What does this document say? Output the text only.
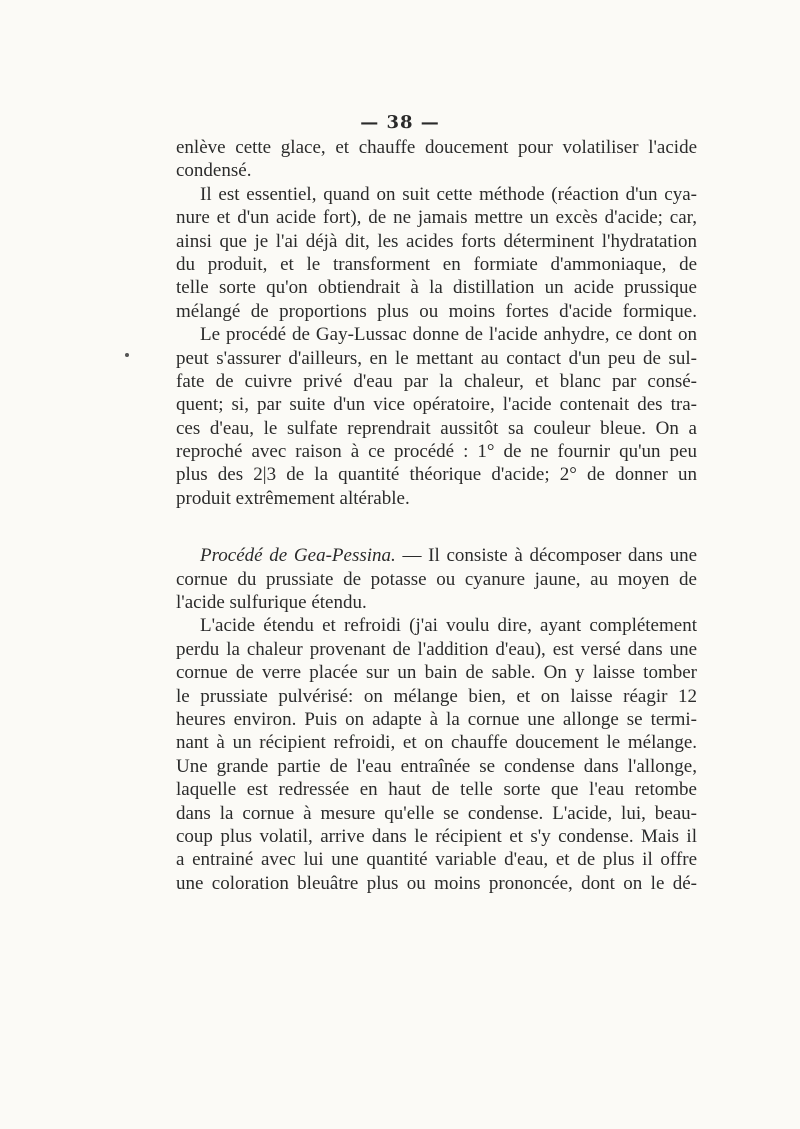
— 38 —
enlève cette glace, et chauffe doucement pour volatiliser l'acide
condensé.
Il est essentiel, quand on suit cette méthode (réaction d'un cya-
nure et d'un acide fort), de ne jamais mettre un excès d'acide; car,
ainsi que je l'ai déjà dit, les acides forts déterminent l'hydratation
du produit, et le transforment en formiate d'ammoniaque, de
telle sorte qu'on obtiendrait à la distillation un acide prussique
mélangé de proportions plus ou moins fortes d'acide formique.
Le procédé de Gay-Lussac donne de l'acide anhydre, ce dont on
peut s'assurer d'ailleurs, en le mettant au contact d'un peu de sul-
fate de cuivre privé d'eau par la chaleur, et blanc par consé-
quent; si, par suite d'un vice opératoire, l'acide contenait des tra-
ces d'eau, le sulfate reprendrait aussitôt sa couleur bleue. On a
reproché avec raison à ce procédé : 1° de ne fournir qu'un peu
plus des 2|3 de la quantité théorique d'acide; 2° de donner un
produit extrêmement altérable.
Procédé de Gea-Pessina. — Il consiste à décomposer dans une
cornue du prussiate de potasse ou cyanure jaune, au moyen de
l'acide sulfurique étendu.
L'acide étendu et refroidi (j'ai voulu dire, ayant complétement
perdu la chaleur provenant de l'addition d'eau), est versé dans une
cornue de verre placée sur un bain de sable. On y laisse tomber
le prussiate pulvérisé: on mélange bien, et on laisse réagir 12
heures environ. Puis on adapte à la cornue une allonge se termi-
nant à un récipient refroidi, et on chauffe doucement le mélange.
Une grande partie de l'eau entraînée se condense dans l'allonge,
laquelle est redressée en haut de telle sorte que l'eau retombe
dans la cornue à mesure qu'elle se condense. L'acide, lui, beau-
coup plus volatil, arrive dans le récipient et s'y condense. Mais il
a entrainé avec lui une quantité variable d'eau, et de plus il offre
une coloration bleuâtre plus ou moins prononcée, dont on le dé-
